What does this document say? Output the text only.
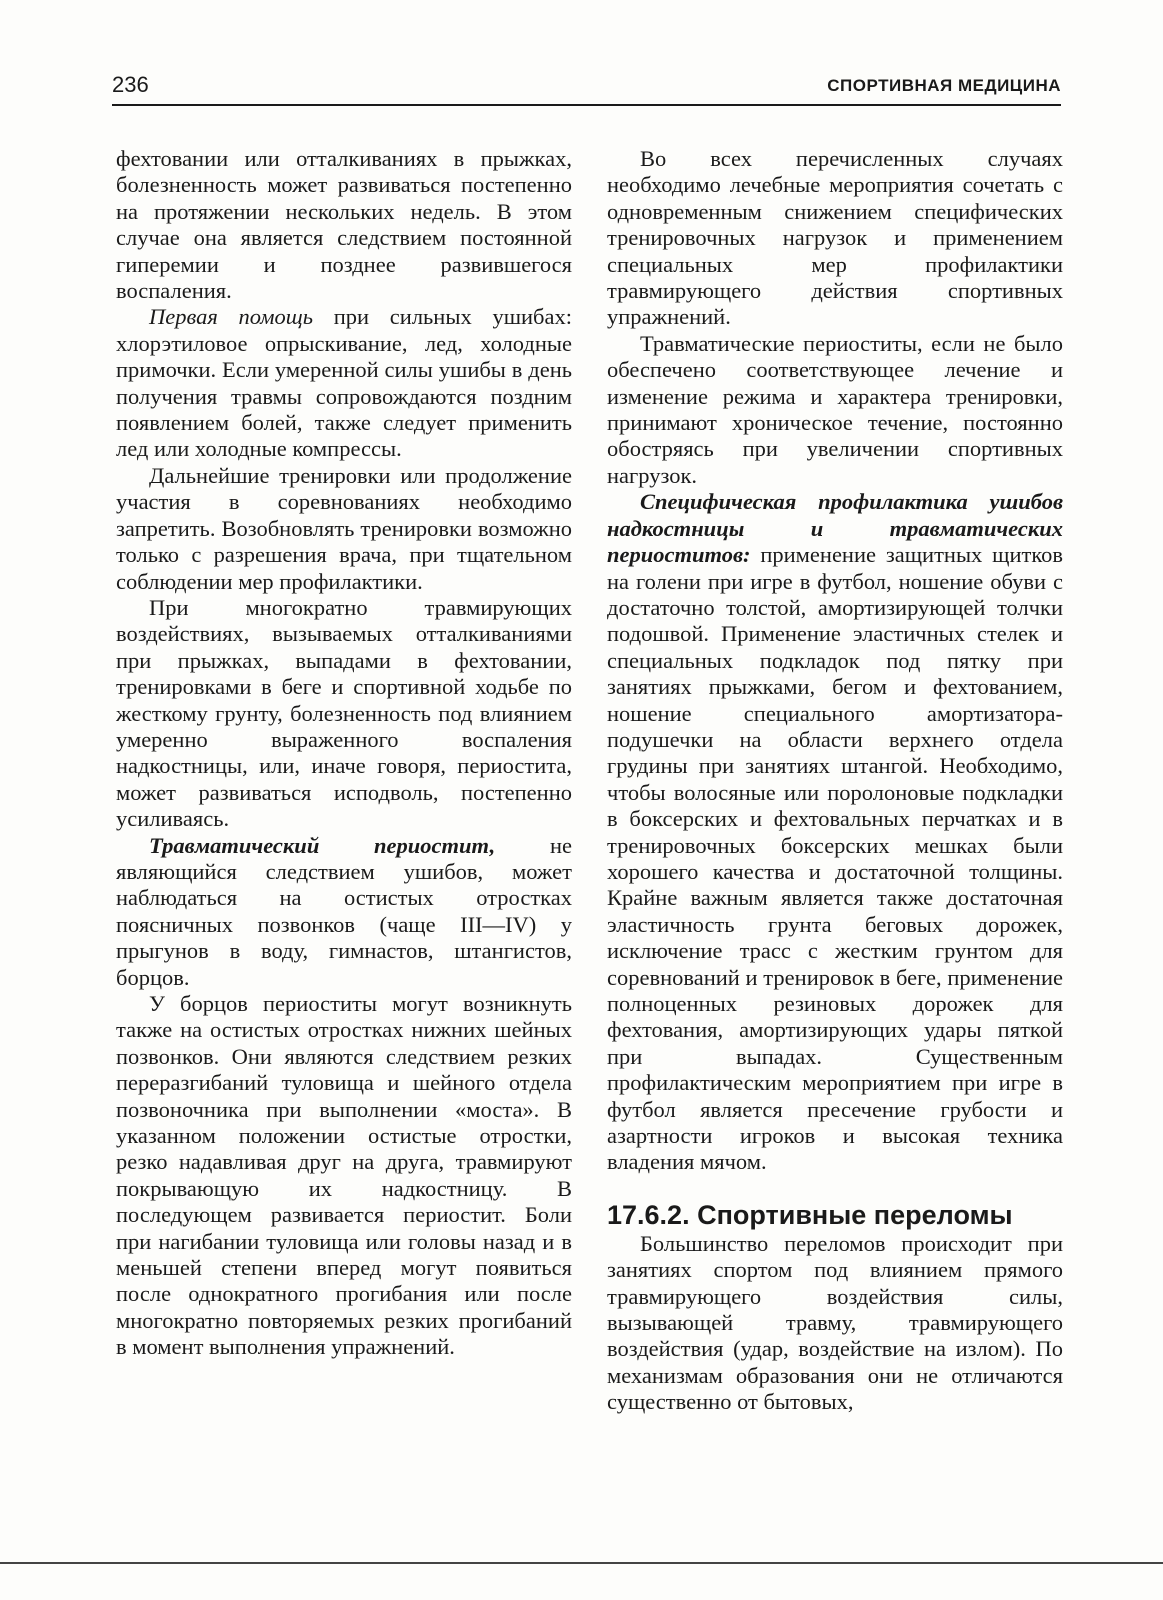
236	СПОРТИВНАЯ МЕДИЦИНА

фехтовании или отталкиваниях в прыжках, болезненность может развиваться постепенно на протяжении нескольких недель. В этом случае она является следствием постоянной гиперемии и позднее развившегося воспаления.

Первая помощь при сильных ушибах: хлорэтиловое опрыскивание, лед, холодные примочки. Если умеренной силы ушибы в день получения травмы сопровождаются поздним появлением болей, также следует применить лед или холодные компрессы.

Дальнейшие тренировки или продолжение участия в соревнованиях необходимо запретить. Возобновлять тренировки возможно только с разрешения врача, при тщательном соблюдении мер профилактики.

При многократно травмирующих воздействиях, вызываемых отталкиваниями при прыжках, выпадами в фехтовании, тренировками в беге и спортивной ходьбе по жесткому грунту, болезненность под влиянием умеренно выраженного воспаления надкостницы, или, иначе говоря, периостита, может развиваться исподволь, постепенно усиливаясь.

Травматический периостит, не являющийся следствием ушибов, может наблюдаться на остистых отростках поясничных позвонков (чаще III—IV) у прыгунов в воду, гимнастов, штангистов, борцов.

У борцов периоститы могут возникнуть также на остистых отростках нижних шейных позвонков. Они являются следствием резких переразгибаний туловища и шейного отдела позвоночника при выполнении «моста». В указанном положении остистые отростки, резко надавливая друг на друга, травмируют покрывающую их надкостницу. В последующем развивается периостит. Боли при нагибании туловища или головы назад и в меньшей степени вперед могут появиться после однократного прогибания или после многократно повторяемых резких прогибаний в момент выполнения упражнений.

Во всех перечисленных случаях необходимо лечебные мероприятия сочетать с одновременным снижением специфических тренировочных нагрузок и применением специальных мер профилактики травмирующего действия спортивных упражнений.

Травматические периоститы, если не было обеспечено соответствующее лечение и изменение режима и характера тренировки, принимают хроническое течение, постоянно обостряясь при увеличении спортивных нагрузок.

Специфическая профилактика ушибов надкостницы и травматических периоститов: применение защитных щитков на голени при игре в футбол, ношение обуви с достаточно толстой, амортизирующей толчки подошвой. Применение эластичных стелек и специальных подкладок под пятку при занятиях прыжками, бегом и фехтованием, ношение специального амортизатора-подушечки на области верхнего отдела грудины при занятиях штангой. Необходимо, чтобы волосяные или поролоновые подкладки в боксерских и фехтовальных перчатках и в тренировочных боксерских мешках были хорошего качества и достаточной толщины. Крайне важным является также достаточная эластичность грунта беговых дорожек, исключение трасс с жестким грунтом для соревнований и тренировок в беге, применение полноценных резиновых дорожек для фехтования, амортизирующих удары пяткой при выпадах. Существенным профилактическим мероприятием при игре в футбол является пресечение грубости и азартности игроков и высокая техника владения мячом.

17.6.2. Спортивные переломы

Большинство переломов происходит при занятиях спортом под влиянием прямого травмирующего воздействия силы, вызывающей травму, травмирующего воздействия (удар, воздействие на излом). По механизмам образования они не отличаются существенно от бытовых,
